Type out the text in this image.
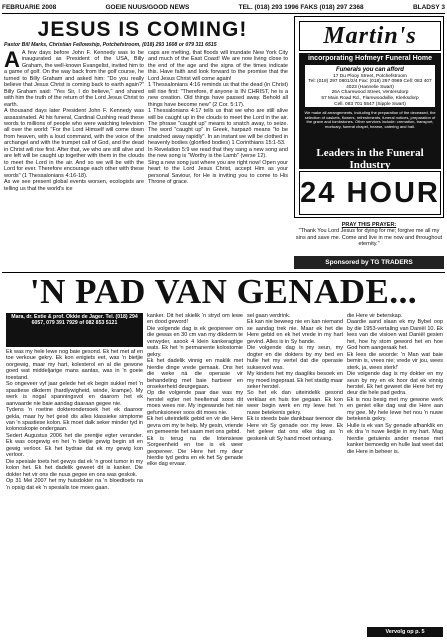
FEBRUARIE 2008	GOEIE NUUS/GOOD NEWS	TEL. (018) 293 1996 FAKS (018) 297 2368	BLADSY 3
JESUS IS COMING!
Pastor Bill Marks, Christian Fellowship, Potchefstroom, (018) 293 1608 or 079 311 6515

A A few days before John F. Kennedy was to be inaugurated as President of the USA, Billy Graham, the well-known Evangelist, invited him to a game of golf. On the way back from the golf course, he turned to Billy Graham and asked him: "Do you really believe that Jesus Christ is coming back to earth again?" Billy Graham said: "Yes Sir, I do believe," and shared with him the truth of the return of the Lord Jesus Christ to earth.

A thousand days later President John F. Kennedy was assassinated. At his funeral, Cardinal Cushing read these words to millions of people who were watching television all over the world: "For the Lord Himself will come down from heaven, with a loud command, with the voice of the archangel and with the trumpet call of God, and the dead in Christ will rise first. After that, we who are still alive and are left will be caught up together with them in the clouds to meet the Lord in the air. And so we will be with the Lord for ever. Therefore encourage each other with these words" (1 Thessalonians 4:16-18).

As we see present global events worsen, ecologists are telling us that the world's ice

caps are melting, that floods will inundate New York City and much of the East Coast! We are now living close to the end of the age and the signs of the times indicate this. Have faith and look forward to the promise that the Lord Jesus Christ will come again!

1 Thessalonians 4:16 reminds us that the dead (in Christ) will rise first: "Therefore, if anyone is IN CHRIST, he is a new creation. Old things have passed away. Behold all things have become new" (2 Cor. 5:17).

1 Thessalonians 4:17 tells us that we who are still alive will be caught up in the clouds to meet the Lord in the air. The phrase "caught up" means to snatch away, to seize. The word "caught up" in Greek, harpazō means "to be snatched away rapidly". In an instant we will be clothed in heavenly bodies (glorified bodies) 1 Corinthians 15:1-53.

In Revelation 5:9 we read that they sang a new song and the new song is "Worthy is the Lamb" (verse 12).

Sing a new song just where you are right now! Open your heart to the Lord Jesus Christ, accept Him as your personal Saviour, for He is inviting you to come to His Throne of grace.

Martin's
incorporating Hofmeyr Funeral Home
Funerals you can afford
17 Du Plooy Street, Potchefstroom
Tel: (018) 297 0801/2/4 Fax: (018) 297 0969 Cell: 083 407 4023 (Hannelie Swart)
26A Charnwood Street, Ventersdorp
57 Main Road Rd., Flamwoodville, Klerksdorp
Cell. 083 701 5547 (Sipple Swart)
We make all arrangements, including the preparation of the deceased, the selection of caskets, flowers, refreshments, funeral notices, preparation of the grave and tombstones. Other services include: cremation, transport, mortuary, funeral chapel, hearse, catering and hall.
Leaders in the Funeral Industry
24 HOUR
PRAY THIS PRAYER:
"Thank You Lord Jesus for dying for me; forgive me all my sins and save me. Come and live in me now and throughout eternity."
Sponsored by TG TRADERS
'N PAD VAN GENADE...
Mara, dr. Estie & prof. Okkie de Jager. Tel. (018) 294 6057, 079 391 7929 of 082 853 5121

Ek was my hele lewe nog baie gesond. Ek het met af en toe verkoue gekry. Ek kon enigiets eet, was 'n bietjie oorgewig, maar my hart, kolesterol en al die gewone goed wat middeljarige mans aantas, was in 'n goeie toestand.

So ongeveer vyf jaar gelede het ek begin sukkel met 'n spastiese dikderm (hardlywigheid, winde, krampe). My werk is nogal spanningsvol en daarom het ek aanvaarde nie baie aandag daaraan gegee nie.

Tydens 'n roetine dokterondersoek het ek daaroor gekla, maar hy het gesê dis alles klassieke simptome van 'n spastiese kolon. Ek moet dalk seker minder tyd in kolonoskopie ondergaan.

Sedert Augustus 2006 het die prentjie egter verander. Ek was oorgewig en het 'n bietjie gewig begin sit en gewig verloor. Ek het bydrae dat ek my gewig kon verloor.

Die spesiale toets het gewys dat ek 'n groot tumor in my kolon het. Ek het dadelik geweet dit is kanker. Die dokter het vir ons die nuus gegee en ons was geskok.

Op 31 Mei 2007 het my huisdokter na 'n bloedtoets na 'n opsig dat ek 'n spesialis toe moes gaan.

kanker. Dit het skielik 'n stryd om lewe en dood geword!

Die volgende dag is ek geopereer om die gewas en 30 cm van my dikderm te verwyder, asook 4 klein kankeragtige wats. Ek het 'n permanente kolostomie gekry.

Ek het dadelik vinnig en maklik met hierdie dinge vrede gemaak. Ons het die weke ná die operasie vir behandeling met baie hartseer en onsekerheid deurgegaan.

Op die volgende paar dae was my herstel egter net heeltemal soos dit moes wees nie. My ingewande het nie gefunksioneer soos dit moes nie.

Ek het uiteindelik gebid en vir die Here gevra om my te help. My gesin, vriende en gemeente het saam met ons gebid.

Ek is terug na die Intensiewe Sorgeenheid en toe is ek weer geopereer. Die Here het my deur hierdie tyd gedra en ek het Sy genade elke dag ervaar.

sel gaan verdrink.

Ek kan nie beweeg nie en kan niemand se aandag trek nie. Maar ek het die Here gebid en ek het vrede in my hart gevind. Alles is in Sy hande.

Die volgende dag is my seun, my dogter en die dokters by my bed en hulle het my vertel dat die operasie suksesvol was.

My kinders het my daagliks besoek en my moed ingepraat. Ek het stadig maar seker herstel.

So het ek dan uiteindelik gesond verklaar en huis toe gegaan. Ek kon weer begin werk en my lewe het 'n nuwe betekenis gekry.

Ek is steeds baie dankbaar teenoor die Here vir Sy genade oor my lewe. Ek het geleer dat ons elke dag as 'n geskenk uit Sy hand moet ontvang.

die Here vir beterskap.

Daardie aand slaan ek my Bybel oop by die 1953-vertaling van Daniël 10. Ek lees van die visioen wat Daniël gesien het, hoe hy stom geword het en hoe God hom aangeraak het.

Ek lees die woorde: 'n Man wat baie bemin is, vrees nie; vrede vir jou, wees sterk, ja, wees sterk!'

Die volgende dag is my dokter en my seun by my en ek hoor dat ek vinnig herstel. Ek het geweet die Here het my deur die hele pad gedra.

Ek is nou besig met my gewone werk en geniet elke dag wat die Here aan my gee. My hele lewe het nou 'n nuwe betekenis gekry.

Hulle is ek van Sy genade afhanklik en ek dra 'n nuwe liedjie in my hart. Mag hierdie getuienis ander mense met kanker bemoedig en hulle laat weet dat die Here in beheer is.

Vervolg op p. 5
